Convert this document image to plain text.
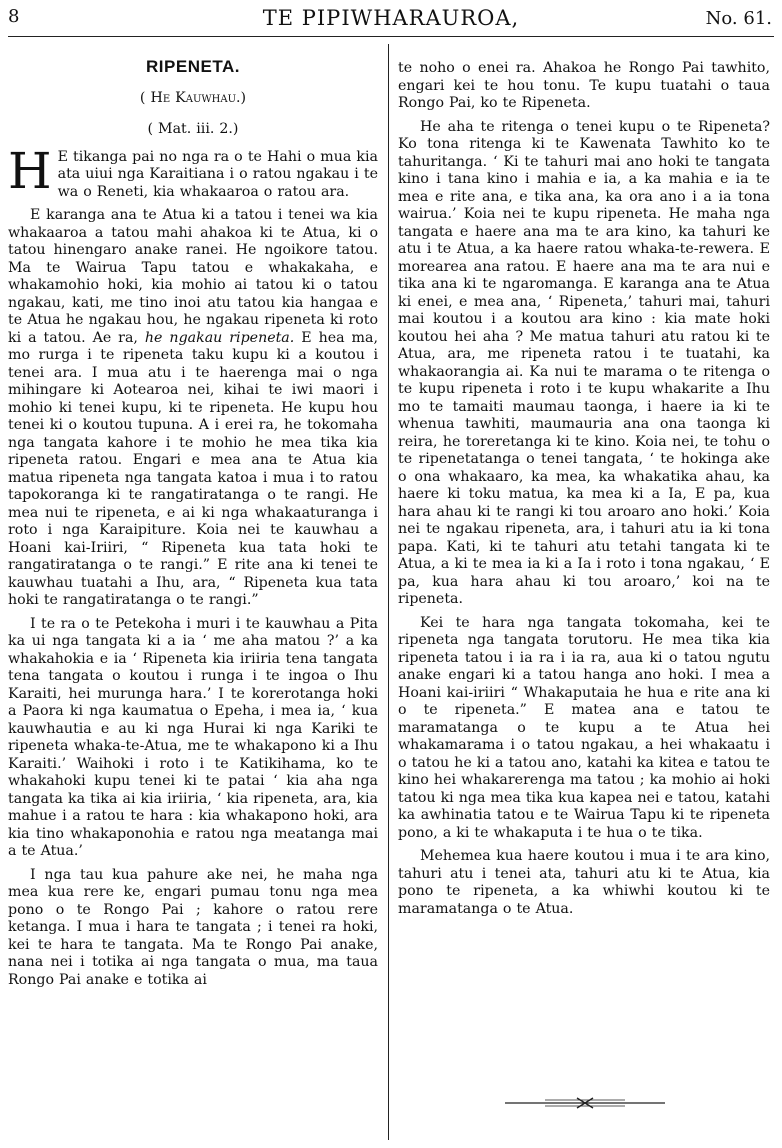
8	TE PIPIWHARAUROA,	No. 61.
RIPENETA.
( He Kauwhau.)
( Mat. iii. 2.)

H E tikanga pai no nga ra o te Hahi o mua kia ata uiui nga Karaitiana i o ratou ngakau i te wa o Reneti, kia whakaaroa o ratou ara.

E karanga ana te Atua ki a tatou i tenei wa kia whakaaroa a tatou mahi ahakoa ki te Atua, ki o tatou hinengaro anake ranei. He ngoikore tatou. Ma te Wairua Tapu tatou e whakakaha, e whakamohio hoki, kia mohio ai tatou ki o tatou ngakau, kati, me tino inoi atu tatou kia hangaa e te Atua he ngakau hou, he ngakau ripeneta ki roto ki a tatou. Ae ra, he ngakau ripeneta. E hea ma, mo rurga i te ripeneta taku kupu ki a koutou i tenei ara. I mua atu i te haerenga mai o nga mihingare ki Aotearoa nei, kihai te iwi maori i mohio ki tenei kupu, ki te ripeneta. He kupu hou tenei ki o koutou tupuna. A i erei ra, he tokomaha nga tangata kahore i te mohio he mea tika kia ripeneta ratou. Engari e mea ana te Atua kia matua ripeneta nga tangata katoa i mua i to ratou tapokoranga ki te rangatiratanga o te rangi. He mea nui te ripeneta, e ai ki nga whakaaturanga i roto i nga Karaipiture. Koia nei te kauwhau a Hoani kai-Iriiri, “ Ripeneta kua tata hoki te rangatiratanga o te rangi.” E rite ana ki tenei te kauwhau tuatahi a Ihu, ara, “ Ripeneta kua tata hoki te rangatiratanga o te rangi.”

I te ra o te Petekoha i muri i te kauwhau a Pita ka ui nga tangata ki a ia ‘ me aha matou ?’ a ka whakahokia e ia ‘ Ripeneta kia iriiria tena tangata tena tangata o koutou i runga i te ingoa o Ihu Karaiti, hei murunga hara.’ I te korerotanga hoki a Paora ki nga kaumatua o Epeha, i mea ia, ‘ kua kauwhautia e au ki nga Hurai ki nga Kariki te ripeneta whaka-te-Atua, me te whakapono ki a Ihu Karaiti.’ Waihoki i roto i te Katikihama, ko te whakahoki kupu tenei ki te patai ‘ kia aha nga tangata ka tika ai kia iriiria, ‘ kia ripeneta, ara, kia mahue i a ratou te hara : kia whakapono hoki, ara kia tino whakaponohia e ratou nga meatanga mai a te Atua.’

I nga tau kua pahure ake nei, he maha nga mea kua rere ke, engari pumau tonu nga mea pono o te Rongo Pai ; kahore o ratou rere ketanga. I mua i hara te tangata ; i tenei ra hoki, kei te hara te tangata. Ma te Rongo Pai anake, nana nei i totika ai nga tangata o mua, ma taua Rongo Pai anake e totika ai

te noho o enei ra. Ahakoa he Rongo Pai tawhito, engari kei te hou tonu. Te kupu tuatahi o taua Rongo Pai, ko te Ripeneta.

He aha te ritenga o tenei kupu o te Ripeneta? Ko tona ritenga ki te Kawenata Tawhito ko te tahuritanga. ‘ Ki te tahuri mai ano hoki te tangata kino i tana kino i mahia e ia, a ka mahia e ia te mea e rite ana, e tika ana, ka ora ano i a ia tona wairua.’ Koia nei te kupu ripeneta. He maha nga tangata e haere ana ma te ara kino, ka tahuri ke atu i te Atua, a ka haere ratou whaka-te-rewera. E morearea ana ratou. E haere ana ma te ara nui e tika ana ki te ngaromanga. E karanga ana te Atua ki enei, e mea ana, ‘ Ripeneta,’ tahuri mai, tahuri mai koutou i a koutou ara kino : kia mate hoki koutou hei aha ? Me matua tahuri atu ratou ki te Atua, ara, me ripeneta ratou i te tuatahi, ka whakaorangia ai. Ka nui te marama o te ritenga o te kupu ripeneta i roto i te kupu whakarite a Ihu mo te tamaiti maumau taonga, i haere ia ki te whenua tawhiti, maumauria ana ona taonga ki reira, he toreretanga ki te kino. Koia nei, te tohu o te ripenetatanga o tenei tangata, ‘ te hokinga ake o ona whakaaro, ka mea, ka whakatika ahau, ka haere ki toku matua, ka mea ki a Ia, E pa, kua hara ahau ki te rangi ki tou aroaro ano hoki.’ Koia nei te ngakau ripeneta, ara, i tahuri atu ia ki tona papa. Kati, ki te tahuri atu tetahi tangata ki te Atua, a ki te mea ia ki a Ia i roto i tona ngakau, ‘ E pa, kua hara ahau ki tou aroaro,’ koi na te ripeneta.

Kei te hara nga tangata tokomaha, kei te ripeneta nga tangata torutoru. He mea tika kia ripeneta tatou i ia ra i ia ra, aua ki o tatou ngutu anake engari ki a tatou hanga ano hoki. I mea a Hoani kai-iriiri “ Whakaputaia he hua e rite ana ki o te ripeneta.” E matea ana e tatou te maramatanga o te kupu a te Atua hei whakamarama i o tatou ngakau, a hei whakaatu i o tatou he ki a tatou ano, katahi ka kitea e tatou te kino hei whakarerenga ma tatou ; ka mohio ai hoki tatou ki nga mea tika kua kapea nei e tatou, katahi ka awhinatia tatou e te Wairua Tapu ki te ripeneta pono, a ki te whakaputa i te hua o te tika.

Mehemea kua haere koutou i mua i te ara kino, tahuri atu i tenei ata, tahuri atu ki te Atua, kia pono te ripeneta, a ka whiwhi koutou ki te maramatanga o te Atua.
